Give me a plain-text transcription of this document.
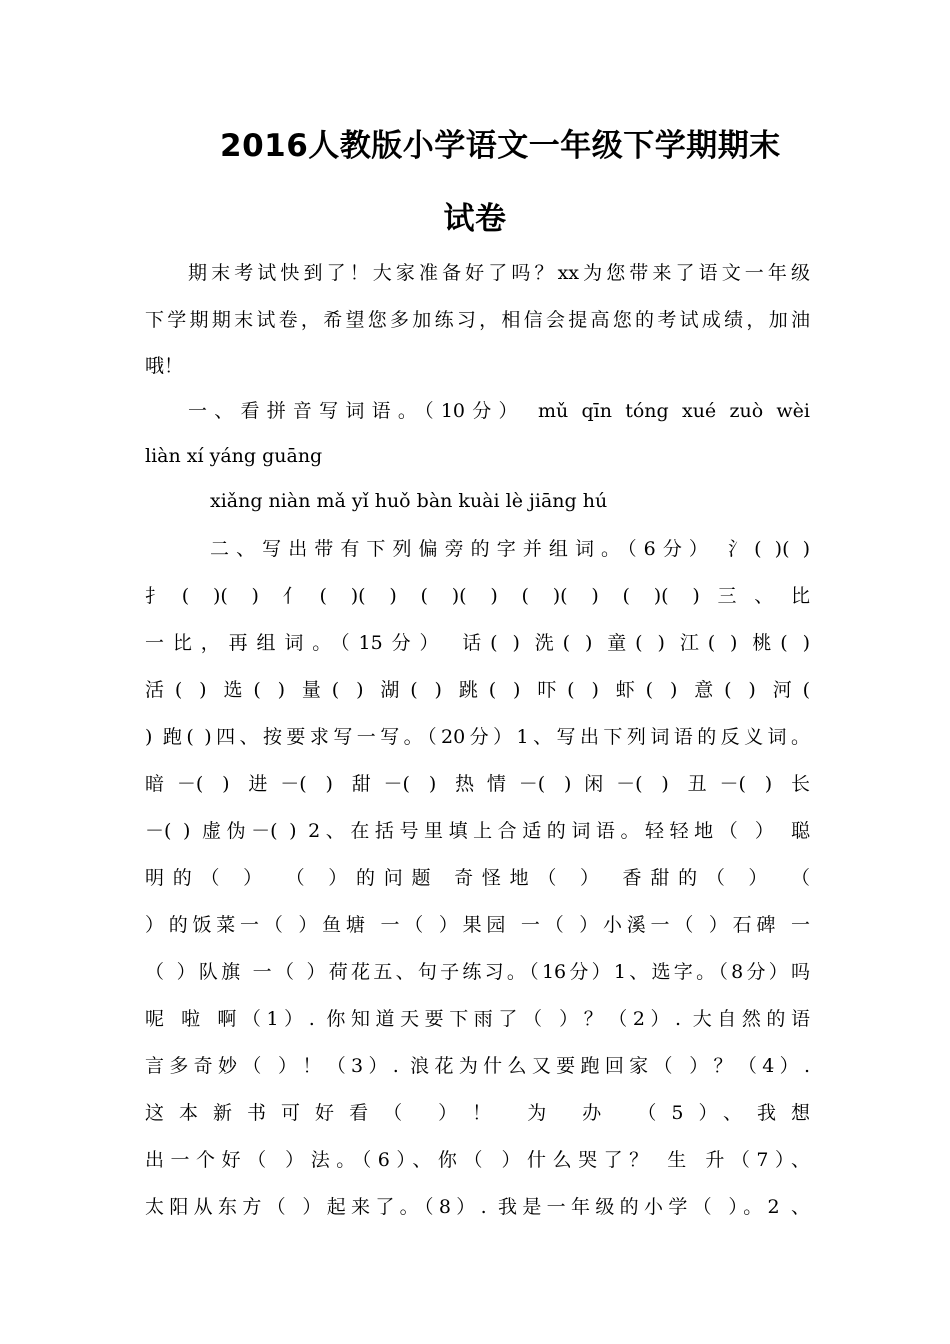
2016人教版小学语文一年级下学期期末
试卷
期末考试快到了！大家准备好了吗？xx为您带来了语文一年级
下学期期末试卷，希望您多加练习，相信会提高您的考试成绩，加油
哦！
一、看拼音写词语。（10分） mǔ qīn tóng xué zuò wèi
liàn xí yáng guāng
xiǎng niàn mǎ yǐ huǒ bàn kuài lè jiāng hú
二、写出带有下列偏旁的字并组词。（6分） 氵( )( )
扌( )( ) 亻( )( ) ( )( ) ( )( ) ( )( )三、比
一比，再组词。（15分） 话( ) 洗( ) 童( ) 江( ) 桃( )
活( ) 选( ) 量( ) 湖( ) 跳( ) 吓( ) 虾( ) 意( ) 河(
) 跑( )四、按要求写一写。（20分）1、写出下列词语的反义词。
暗－( ) 进－( ) 甜－( ) 热情－( )闲－( ) 丑－( ) 长
－( ) 虚伪－( ) 2、在括号里填上合适的词语。轻轻地（ ） 聪
明的（ ） （ ）的问题 奇怪地（ ） 香甜的（ ） （
）的饭菜一（ ）鱼塘 一（ ）果园 一（ ）小溪一（ ）石碑 一
（ ）队旗 一（ ）荷花五、句子练习。（16分）1、选字。（8分）吗
呢 啦 啊（1）. 你知道天要下雨了（ ）？（2）. 大自然的语
言多奇妙（ ）！（3）. 浪花为什么又要跑回家（ ）？（4）.
这本新书可好看（ ）！ 为 办 （5）、我想
出一个好（ ）法。（6）、你（ ）什么哭了？ 生 升（7）、
太阳从东方（ ）起来了。（8）. 我是一年级的小学（ ）。2 、
